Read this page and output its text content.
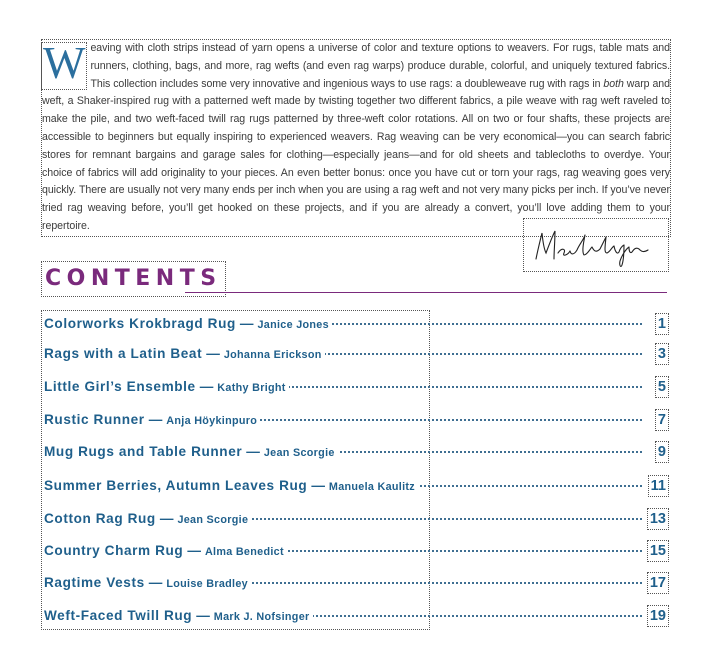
W eaving with cloth strips instead of yarn opens a universe of color and texture options to weavers. For rugs, table mats and runners, clothing, bags, and more, rag wefts (and even rag warps) produce durable, colorful, and uniquely textured fabrics. This collection includes some very innovative and ingenious ways to use rags: a doubleweave rug with rags in both warp and weft, a Shaker-inspired rug with a patterned weft made by twisting together two different fabrics, a pile weave with rag weft raveled to make the pile, and two weft-faced twill rag rugs patterned by three-weft color rotations. All on two or four shafts, these projects are accessible to beginners but equally inspiring to experienced weavers. Rag weaving can be very economical—you can search fabric stores for remnant bargains and garage sales for clothing—especially jeans—and for old sheets and tablecloths to overdye. Your choice of fabrics will add originality to your pieces. An even better bonus: once you have cut or torn your rags, rag weaving goes very quickly. There are usually not very many ends per inch when you are using a rag weft and not very many picks per inch. If you’ve never tried rag weaving before, you’ll get hooked on these projects, and if you are already a convert, you’ll love adding them to your repertoire.
CONTENTS
Colorworks Krokbragd Rug — Janice Jones	1
Rags with a Latin Beat — Johanna Erickson	3
Little Girl’s Ensemble — Kathy Bright	5
Rustic Runner — Anja Höykinpuro	7
Mug Rugs and Table Runner — Jean Scorgie	9
Summer Berries, Autumn Leaves Rug — Manuela Kaulitz	11
Cotton Rag Rug — Jean Scorgie	13
Country Charm Rug — Alma Benedict	15
Ragtime Vests — Louise Bradley	17
Weft-Faced Twill Rug — Mark J. Nofsinger	19
